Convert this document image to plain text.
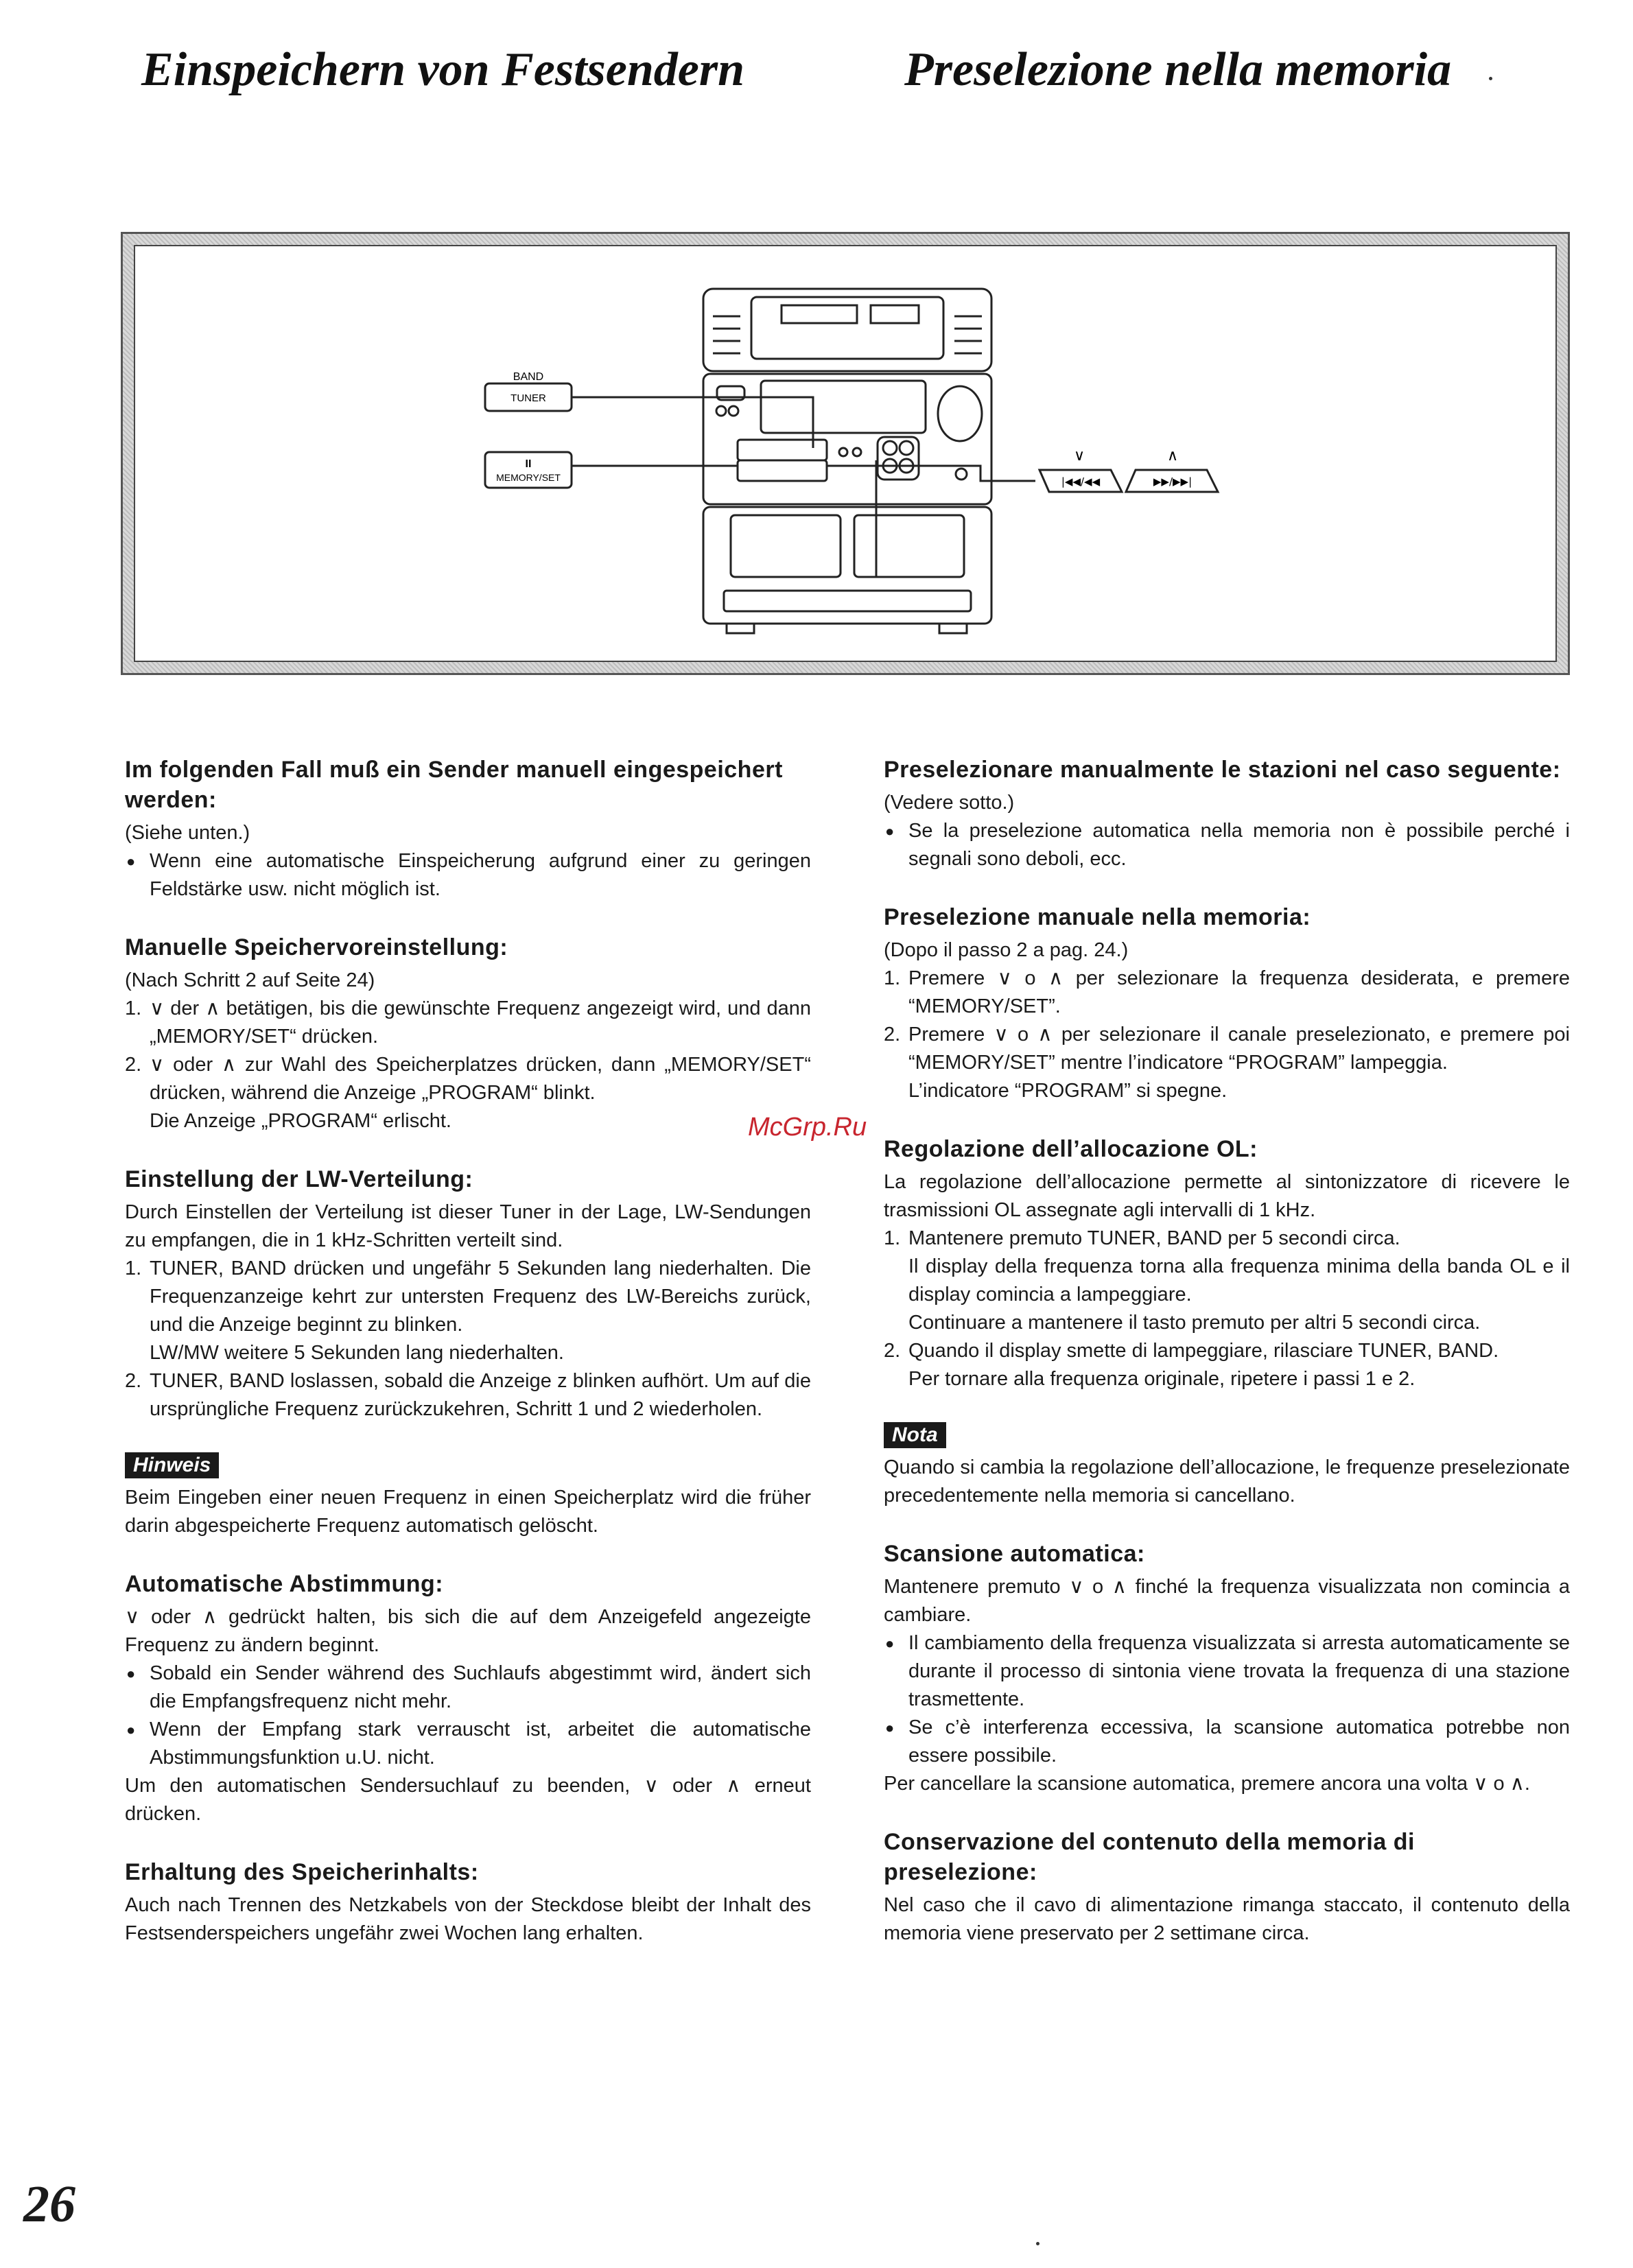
Einspeichern von Festsendern	Preselezione nella memoria
BAND
TUNER
II
MEMORY/SET
∨	∧
|◀◀/◀◀	▶▶/▶▶|
McGrp.Ru
Im folgenden Fall muß ein Sender manuell eingespeichert werden:

(Siehe unten.)

● Wenn eine automatische Einspeicherung aufgrund einer zu geringen Feldstärke usw. nicht möglich ist.
Manuelle Speichervoreinstellung:

(Nach Schritt 2 auf Seite 24)

1. ∨ der ∧ betätigen, bis die gewünschte Frequenz angezeigt wird, und dann „MEMORY/SET“ drücken.
2. ∨ oder ∧ zur Wahl des Speicherplatzes drücken, dann „MEMORY/SET“ drücken, während die Anzeige „PROGRAM“ blinkt.
Die Anzeige „PROGRAM“ erlischt.
Einstellung der LW-Verteilung:

Durch Einstellen der Verteilung ist dieser Tuner in der Lage, LW-Sendungen zu empfangen, die in 1 kHz-Schritten verteilt sind.

1. TUNER, BAND drücken und ungefähr 5 Sekunden lang niederhalten. Die Frequenzanzeige kehrt zur untersten Frequenz des LW-Bereichs zurück, und die Anzeige beginnt zu blinken.
LW/MW weitere 5 Sekunden lang niederhalten.
2. TUNER, BAND loslassen, sobald die Anzeige z blinken aufhört. Um auf die ursprüngliche Frequenz zurückzukehren, Schritt 1 und 2 wiederholen.
Hinweis

Beim Eingeben einer neuen Frequenz in einen Speicherplatz wird die früher darin abgespeicherte Frequenz automatisch gelöscht.

Automatische Abstimmung:

∨ oder ∧ gedrückt halten, bis sich die auf dem Anzeigefeld angezeigte Frequenz zu ändern beginnt.

● Sobald ein Sender während des Suchlaufs abgestimmt wird, ändert sich die Empfangsfrequenz nicht mehr.
● Wenn der Empfang stark verrauscht ist, arbeitet die automatische Abstimmungsfunktion u.U. nicht.

Um den automatischen Sendersuchlauf zu beenden, ∨ oder ∧ erneut drücken.

Erhaltung des Speicherinhalts:

Auch nach Trennen des Netzkabels von der Steckdose bleibt der Inhalt des Festsenderspeichers ungefähr zwei Wochen lang erhalten.

Preselezionare manualmente le stazioni nel caso seguente:

(Vedere sotto.)

● Se la preselezione automatica nella memoria non è possibile perché i segnali sono deboli, ecc.
Preselezione manuale nella memoria:

(Dopo il passo 2 a pag. 24.)

1. Premere ∨ o ∧ per selezionare la frequenza desiderata, e premere “MEMORY/SET”.
2. Premere ∨ o ∧ per selezionare il canale preselezionato, e premere poi “MEMORY/SET” mentre l’indicatore “PROGRAM” lampeggia.
L’indicatore “PROGRAM” si spegne.
Regolazione dell’allocazione OL:

La regolazione dell’allocazione permette al sintonizzatore di ricevere le trasmissioni OL assegnate agli intervalli di 1 kHz.

1. Mantenere premuto TUNER, BAND per 5 secondi circa.
Il display della frequenza torna alla frequenza minima della banda OL e il display comincia a lampeggiare.
Continuare a mantenere il tasto premuto per altri 5 secondi circa.
2. Quando il display smette di lampeggiare, rilasciare TUNER, BAND.
Per tornare alla frequenza originale, ripetere i passi 1 e 2.
Nota

Quando si cambia la regolazione dell’allocazione, le frequenze preselezionate precedentemente nella memoria si cancellano.

Scansione automatica:

Mantenere premuto ∨ o ∧ finché la frequenza visualizzata non comincia a cambiare.

● Il cambiamento della frequenza visualizzata si arresta automaticamente se durante il processo di sintonia viene trovata la frequenza di una stazione trasmettente.
● Se c’è interferenza eccessiva, la scansione automatica potrebbe non essere possibile.

Per cancellare la scansione automatica, premere ancora una volta ∨ o ∧.

Conservazione del contenuto della memoria di preselezione:

Nel caso che il cavo di alimentazione rimanga staccato, il contenuto della memoria viene preservato per 2 settimane circa.

26
